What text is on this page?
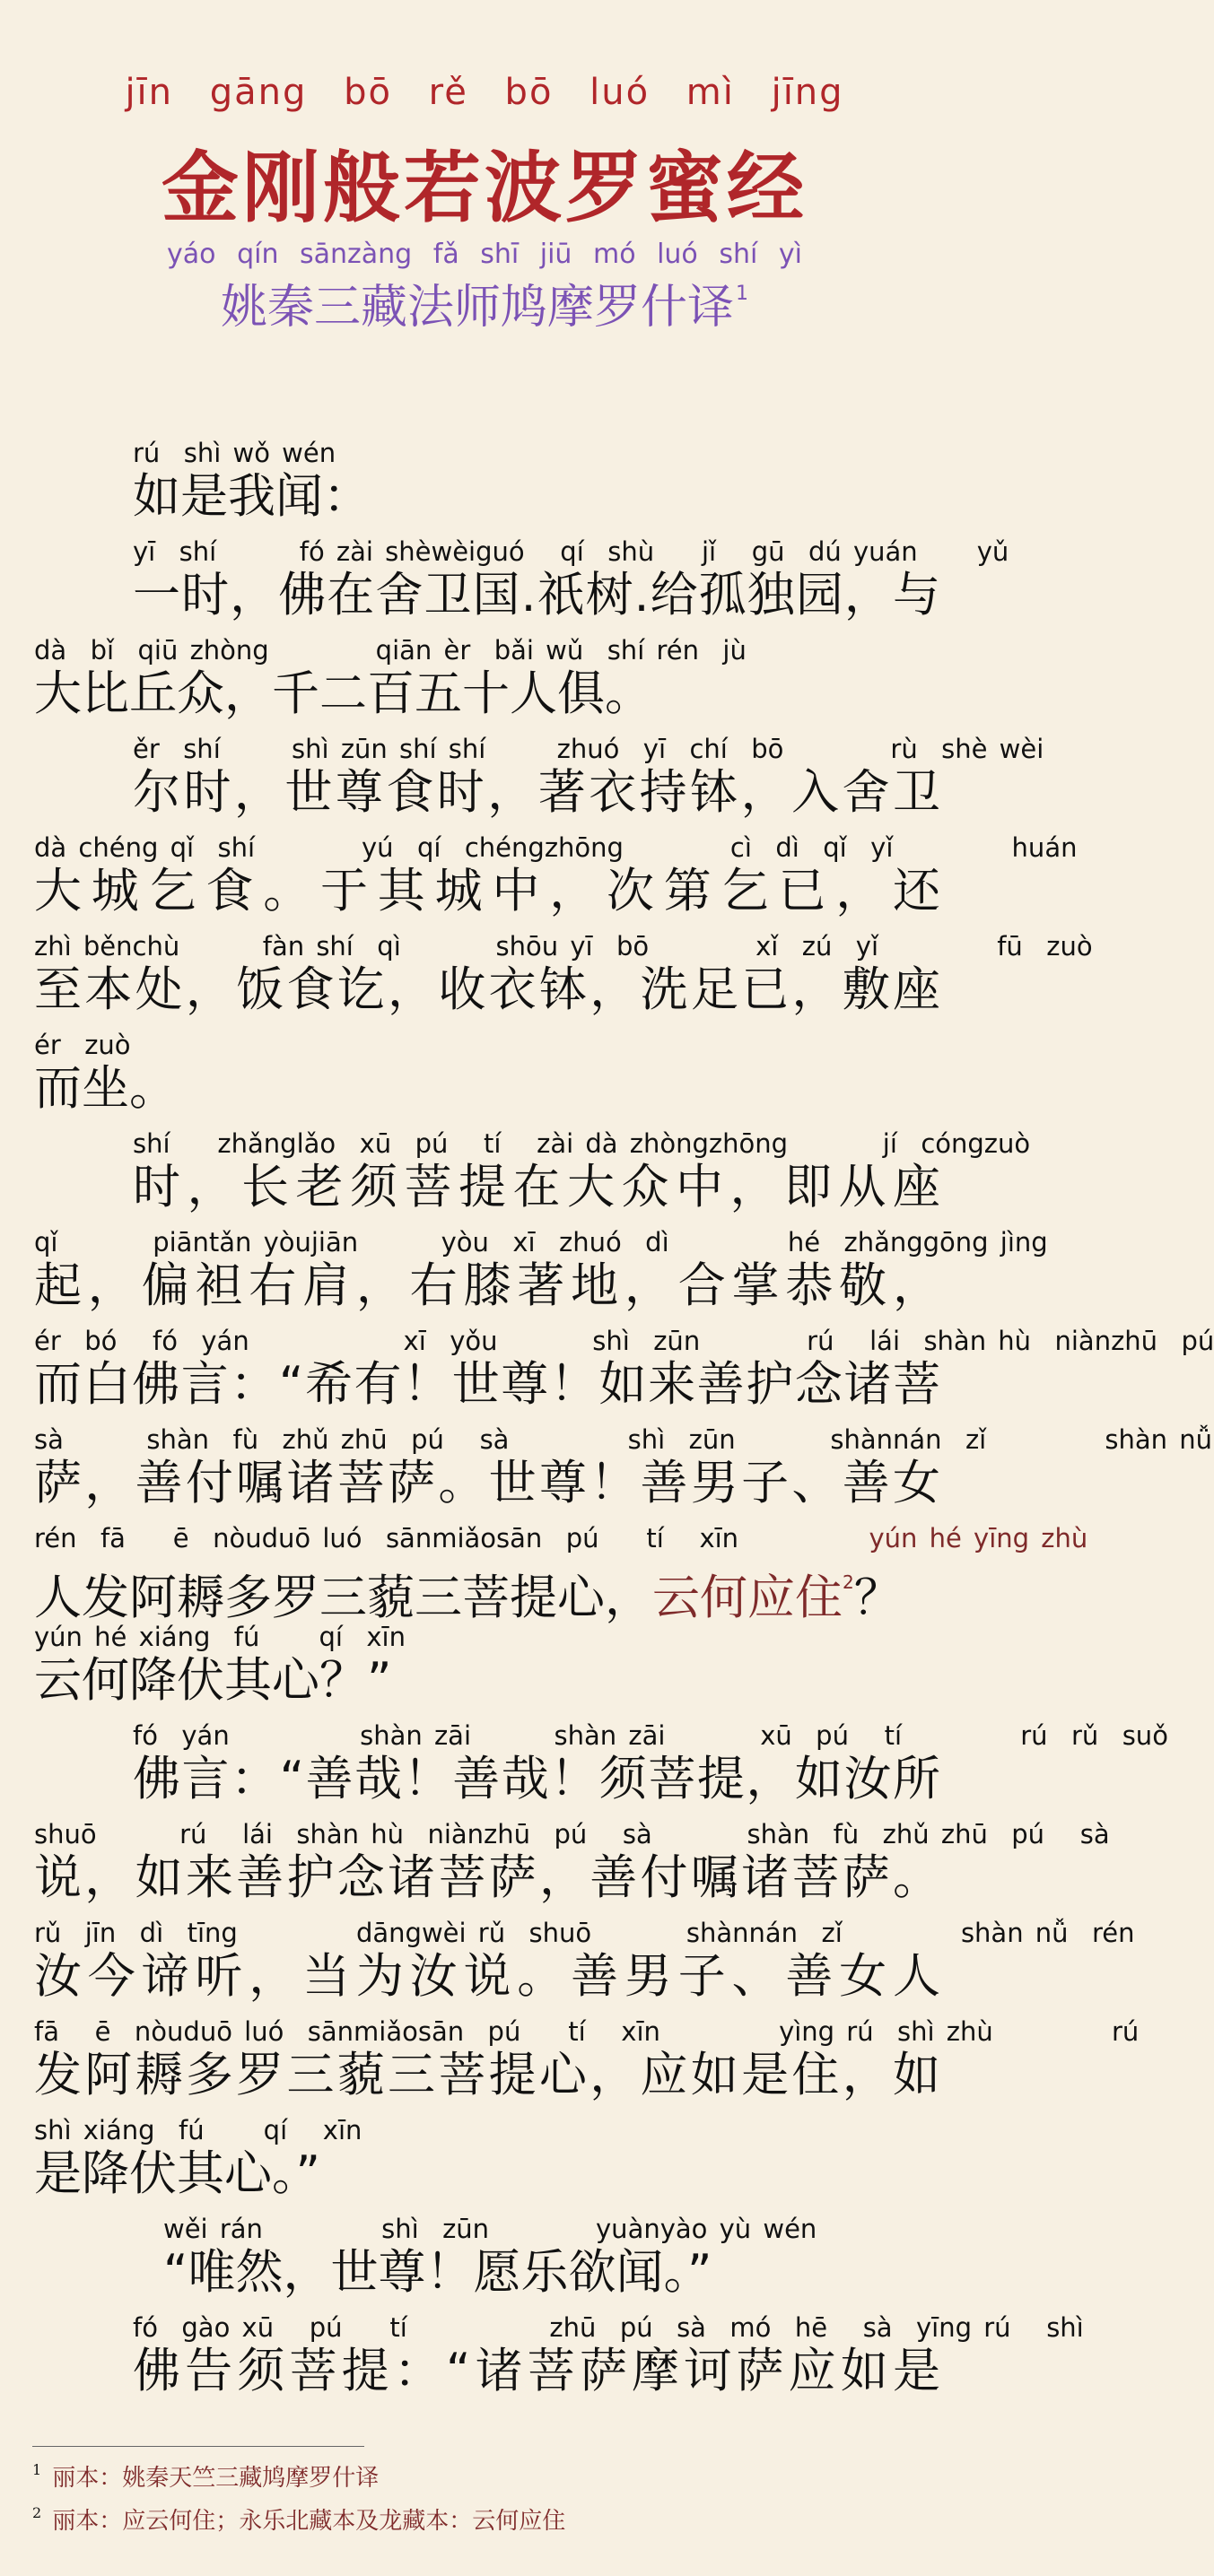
jīn gāng bō rě bō luó mì jīng
金刚般若波罗蜜经
yáo qín sānzàng fǎ shī jiū mó luó shí yì
姚秦三藏法师鸠摩罗什译$^1$
rú  shì wǒ wén
如是我闻：
yī  shí       fó zài shèwèiguó   qí  shù    jǐ   gū  dú yuán     yǔ
一时，佛在舍卫国.祇树.给孤独园，与
dà  bǐ  qiū zhòng         qiān èr  bǎi wǔ  shí rén  jù
大比丘众，千二百五十人俱。
ěr  shí      shì zūn shí shí      zhuó  yī  chí  bō         rù  shè wèi
尔时，世尊食时，著衣持钵，入舍卫
dà chéng qǐ  shí         yú  qí  chéngzhōng         cì  dì  qǐ  yǐ          huán
大城乞食。于其城中，次第乞已，还
zhì běnchù       fàn shí  qì        shōu yī  bō         xǐ  zú  yǐ          fū  zuò
至本处，饭食讫，收衣钵，洗足已，敷座
ér  zuò
而坐。
shí    zhǎnglǎo  xū  pú   tí   zài dà zhòngzhōng        jí  cóngzuò
时，长老须菩提在大众中，即从座
qǐ        piāntǎn yòujiān       yòu  xī  zhuó  dì          hé  zhǎnggōng jìng
起，偏袒右肩，右膝著地，合掌恭敬，
ér  bó   fó  yán             xī  yǒu        shì  zūn         rú   lái  shàn hù  niànzhū  pú
而白佛言：“希有！世尊！如来善护念诸菩
sà       shàn  fù  zhǔ zhū  pú   sà          shì  zūn        shànnán  zǐ          shàn nǚ
萨，善付嘱诸菩萨。世尊！善男子、善女
rén  fā    ē  nòuduō luó  sānmiǎosān  pú    tí   xīn           yún hé yīng zhù
人发阿耨多罗三藐三菩提心，云何应住$^2$？
yún hé xiáng  fú     qí  xīn
云何降伏其心？”
fó  yán           shàn zāi       shàn zāi        xū  pú   tí          rú  rǔ  suǒ
佛言：“善哉！善哉！须菩提，如汝所
shuō       rú   lái  shàn hù  niànzhū  pú   sà        shàn  fù  zhǔ zhū  pú   sà
说，如来善护念诸菩萨，善付嘱诸菩萨。
rǔ  jīn  dì  tīng          dāngwèi rǔ  shuō        shànnán  zǐ          shàn nǚ  rén
汝今谛听，当为汝说。善男子、善女人
fā   ē  nòuduō luó  sānmiǎosān  pú    tí   xīn          yìng rú  shì zhù          rú
发阿耨多罗三藐三菩提心，应如是住，如
shì xiáng  fú     qí   xīn
是降伏其心。”
wěi rán          shì  zūn         yuànyào yù wén
“唯然，世尊！愿乐欲闻。”
fó  gào xū   pú    tí            zhū  pú  sà  mó  hē   sà  yīng rú   shì
佛告须菩提：“诸菩萨摩诃萨应如是
$^1$ 丽本：姚秦天竺三藏鸠摩罗什译
$^2$ 丽本：应云何住；永乐北藏本及龙藏本：云何应住
